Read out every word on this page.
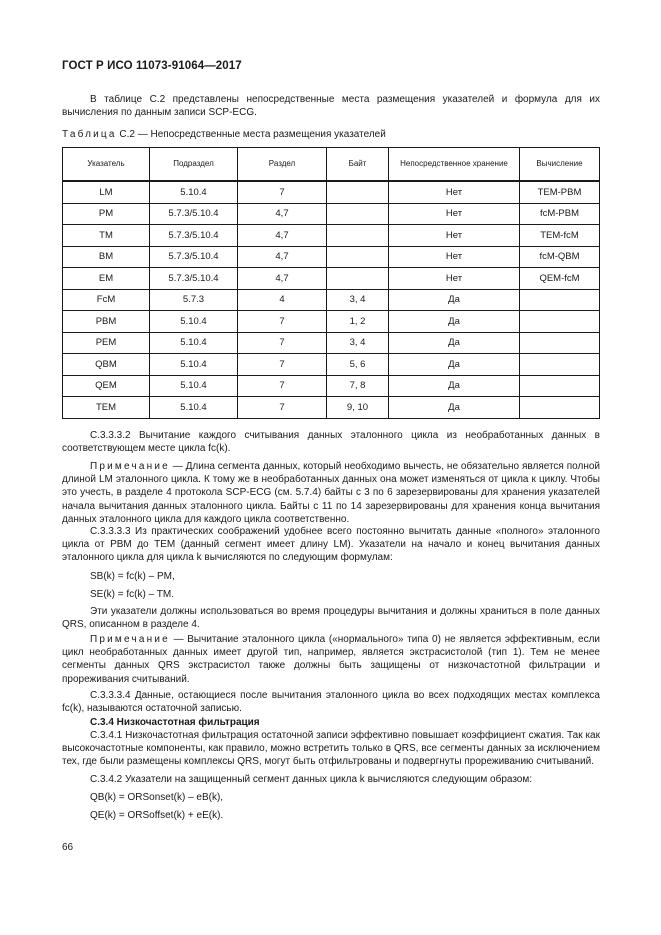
ГОСТ Р ИСО 11073-91064—2017
В таблице С.2 представлены непосредственные места размещения указателей и формула для их вычисления по данным записи SCP-ECG.
Таблица С.2 — Непосредственные места размещения указателей
Указатель	Подраздел	Раздел	Байт	Непосредственное хранение	Вычисление
LM	5.10.4	7		Нет	TEM-PBM
PM	5.7.3/5.10.4	4,7		Нет	fcM-PBM
TM	5.7.3/5.10.4	4,7		Нет	TEM-fcM
BM	5.7.3/5.10.4	4,7		Нет	fcM-QBM
EM	5.7.3/5.10.4	4,7		Нет	QEM-fcM
FcM	5.7.3	4	3, 4	Да	
PBM	5.10.4	7	1, 2	Да	
PEM	5.10.4	7	3, 4	Да	
QBM	5.10.4	7	5, 6	Да	
QEM	5.10.4	7	7, 8	Да	
TEM	5.10.4	7	9, 10	Да	
С.3.3.3.2 Вычитание каждого считывания данных эталонного цикла из необработанных данных в соответствующем месте цикла fc(k).
Примечание — Длина сегмента данных, который необходимо вычесть, не обязательно является полной длиной LM эталонного цикла. К тому же в необработанных данных она может изменяться от цикла к циклу. Чтобы это учесть, в разделе 4 протокола SCP-ECG (см. 5.7.4) байты с 3 по 6 зарезервированы для хранения указателей начала вычитания данных эталонного цикла. Байты с 11 по 14 зарезервированы для хранения конца вычитания данных эталонного цикла для каждого цикла соответственно.
С.3.3.3.3 Из практических соображений удобнее всего постоянно вычитать данные «полного» эталонного цикла от PBM до TEM (данный сегмент имеет длину LM). Указатели на начало и конец вычитания данных эталонного цикла для цикла k вычисляются по следующим формулам:
SB(k) = fc(k) – PM,
SE(k) = fc(k) – TM.
Эти указатели должны использоваться во время процедуры вычитания и должны храниться в поле данных QRS, описанном в разделе 4.
Примечание — Вычитание эталонного цикла («нормального» типа 0) не является эффективным, если цикл необработанных данных имеет другой тип, например, является экстрасистолой (тип 1). Тем не менее сегменты данных QRS экстрасистол также должны быть защищены от низкочастотной фильтрации и прореживания считываний.
С.3.3.3.4 Данные, остающиеся после вычитания эталонного цикла во всех подходящих местах комплекса fc(k), называются остаточной записью.
С.3.4 Низкочастотная фильтрация
С.3.4.1 Низкочастотная фильтрация остаточной записи эффективно повышает коэффициент сжатия. Так как высокочастотные компоненты, как правило, можно встретить только в QRS, все сегменты данных за исключением тех, где были размещены комплексы QRS, могут быть отфильтрованы и подвергнуты прореживанию считываний.
С.3.4.2 Указатели на защищенный сегмент данных цикла k вычисляются следующим образом:
QB(k) = ORSonset(k) – eB(k),
QE(k) = ORSoffset(k) + eE(k).
66
